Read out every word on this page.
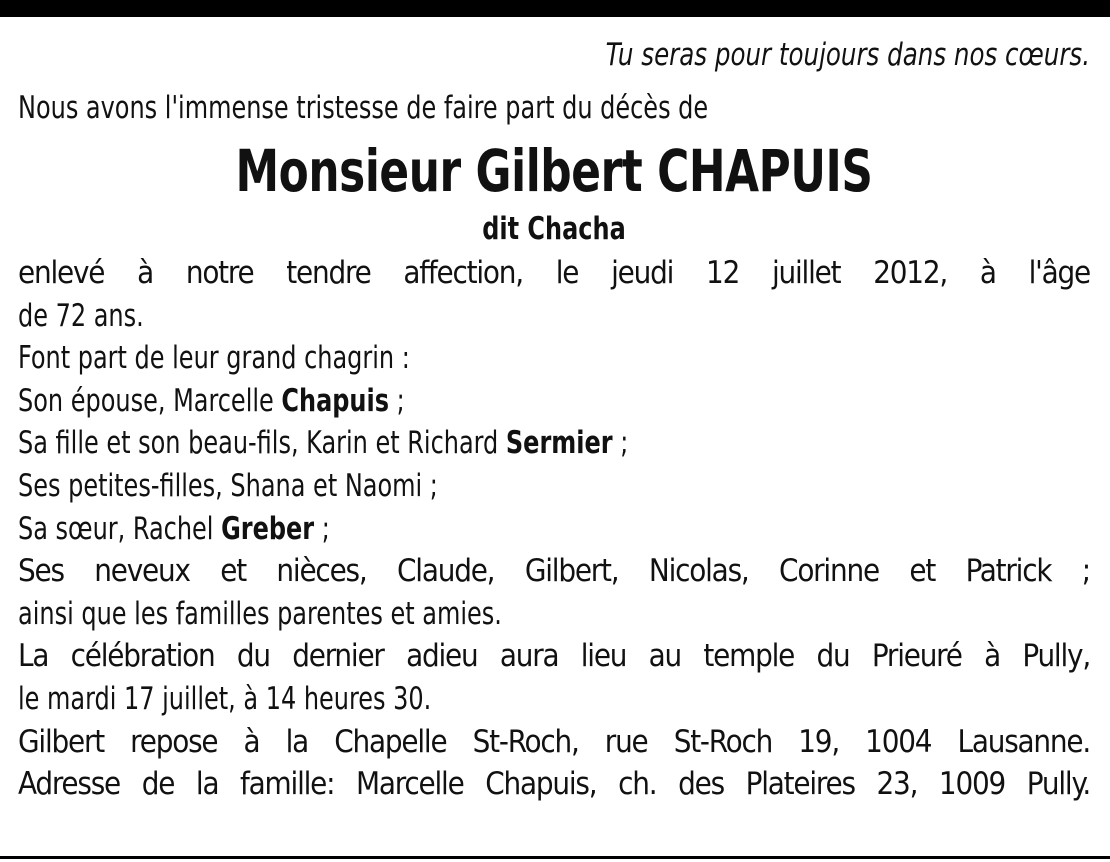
Tu seras pour toujours dans nos cœurs.
Nous avons l'immense tristesse de faire part du décès de
Monsieur Gilbert CHAPUIS
dit Chacha
enlevé à notre tendre affection, le jeudi 12 juillet 2012, à l'âge
de 72 ans.
Font part de leur grand chagrin :
Son épouse, Marcelle Chapuis ;
Sa fille et son beau-fils, Karin et Richard Sermier ;
Ses petites-filles, Shana et Naomi ;
Sa sœur, Rachel Greber ;
Ses neveux et nièces, Claude, Gilbert, Nicolas, Corinne et Patrick ;
ainsi que les familles parentes et amies.
La célébration du dernier adieu aura lieu au temple du Prieuré à Pully,
le mardi 17 juillet, à 14 heures 30.
Gilbert repose à la Chapelle St-Roch, rue St-Roch 19, 1004 Lausanne.
Adresse de la famille: Marcelle Chapuis, ch. des Plateires 23, 1009 Pully.
